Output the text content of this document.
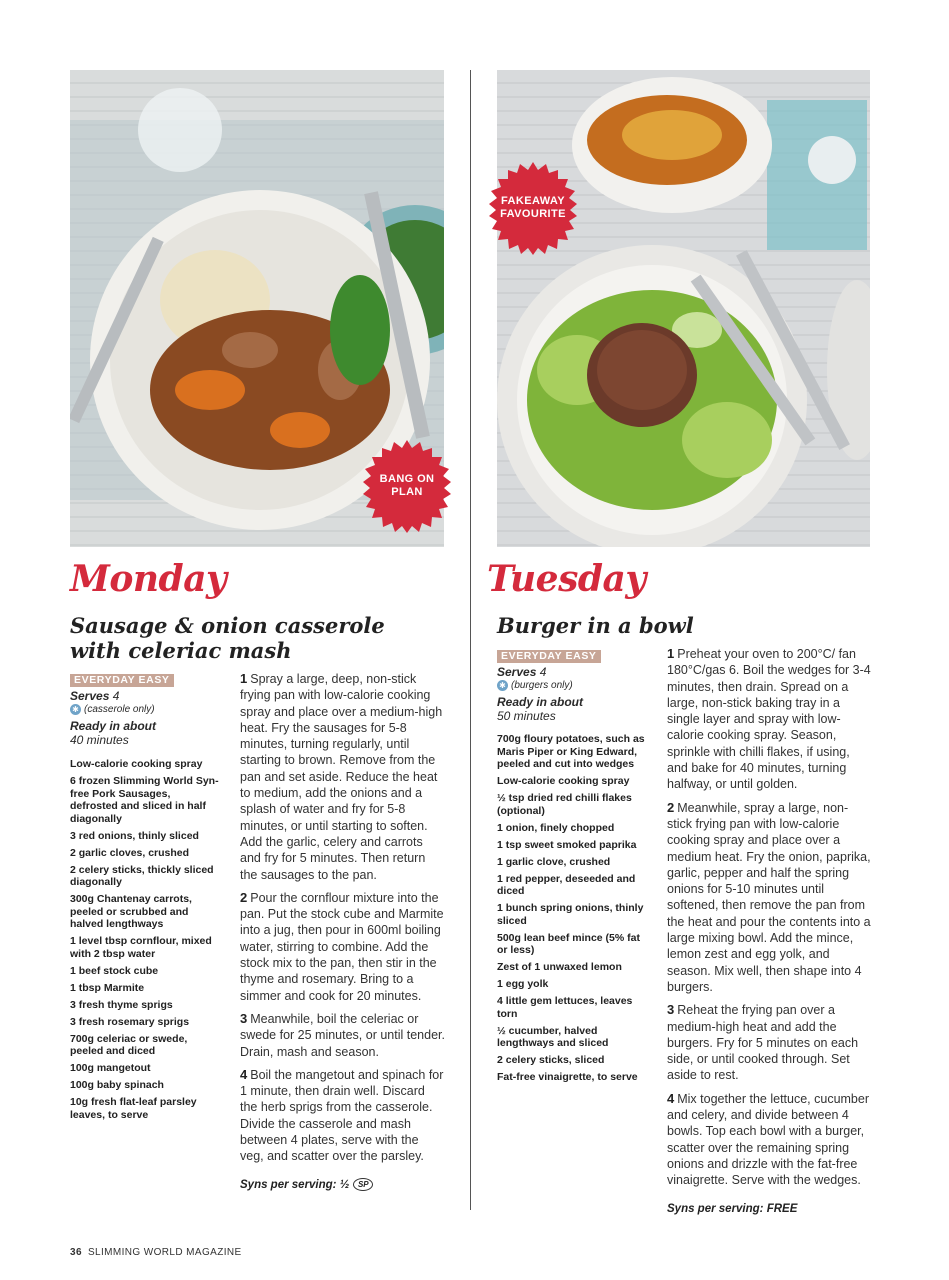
BANG ON PLAN
FAKEAWAY FAVOURITE
Monday
Sausage & onion casserole with celeriac mash
EVERYDAY EASY
Serves 4
✱ (casserole only)
Ready in about
40 minutes
Low-calorie cooking spray
6 frozen Slimming World Syn-free Pork Sausages, defrosted and sliced in half diagonally
3 red onions, thinly sliced
2 garlic cloves, crushed
2 celery sticks, thickly sliced diagonally
300g Chantenay carrots, peeled or scrubbed and halved lengthways
1 level tbsp cornflour, mixed with 2 tbsp water
1 beef stock cube
1 tbsp Marmite
3 fresh thyme sprigs
3 fresh rosemary sprigs
700g celeriac or swede, peeled and diced
100g mangetout
100g baby spinach
10g fresh flat-leaf parsley leaves, to serve

1 Spray a large, deep, non-stick frying pan with low-calorie cooking spray and place over a medium-high heat. Fry the sausages for 5-8 minutes, turning regularly, until starting to brown. Remove from the pan and set aside. Reduce the heat to medium, add the onions and a splash of water and fry for 5-8 minutes, or until starting to soften. Add the garlic, celery and carrots and fry for 5 minutes. Then return the sausages to the pan.

2 Pour the cornflour mixture into the pan. Put the stock cube and Marmite into a jug, then pour in 600ml boiling water, stirring to combine. Add the stock mix to the pan, then stir in the thyme and rosemary. Bring to a simmer and cook for 20 minutes.

3 Meanwhile, boil the celeriac or swede for 25 minutes, or until tender. Drain, mash and season.

4 Boil the mangetout and spinach for 1 minute, then drain well. Discard the herb sprigs from the casserole. Divide the casserole and mash between 4 plates, serve with the veg, and scatter over the parsley.

Syns per serving: ½	SP
Tuesday
Burger in a bowl
EVERYDAY EASY
Serves 4
✱ (burgers only)
Ready in about
50 minutes
700g floury potatoes, such as Maris Piper or King Edward, peeled and cut into wedges
Low-calorie cooking spray
½ tsp dried red chilli flakes (optional)
1 onion, finely chopped
1 tsp sweet smoked paprika
1 garlic clove, crushed
1 red pepper, deseeded and diced
1 bunch spring onions, thinly sliced
500g lean beef mince (5% fat or less)
Zest of 1 unwaxed lemon
1 egg yolk
4 little gem lettuces, leaves torn
½ cucumber, halved lengthways and sliced
2 celery sticks, sliced
Fat-free vinaigrette, to serve

1 Preheat your oven to 200°C/ fan 180°C/gas 6. Boil the wedges for 3-4 minutes, then drain. Spread on a large, non-stick baking tray in a single layer and spray with low-calorie cooking spray. Season, sprinkle with chilli flakes, if using, and bake for 40 minutes, turning halfway, or until golden.

2 Meanwhile, spray a large, non-stick frying pan with low-calorie cooking spray and place over a medium heat. Fry the onion, paprika, garlic, pepper and half the spring onions for 5-10 minutes until softened, then remove the pan from the heat and pour the contents into a large mixing bowl. Add the mince, lemon zest and egg yolk, and season. Mix well, then shape into 4 burgers.

3 Reheat the frying pan over a medium-high heat and add the burgers. Fry for 5 minutes on each side, or until cooked through. Set aside to rest.

4 Mix together the lettuce, cucumber and celery, and divide between 4 bowls. Top each bowl with a burger, scatter over the remaining spring onions and drizzle with the fat-free vinaigrette. Serve with the wedges.

Syns per serving: FREE
36 SLIMMING WORLD MAGAZINE
